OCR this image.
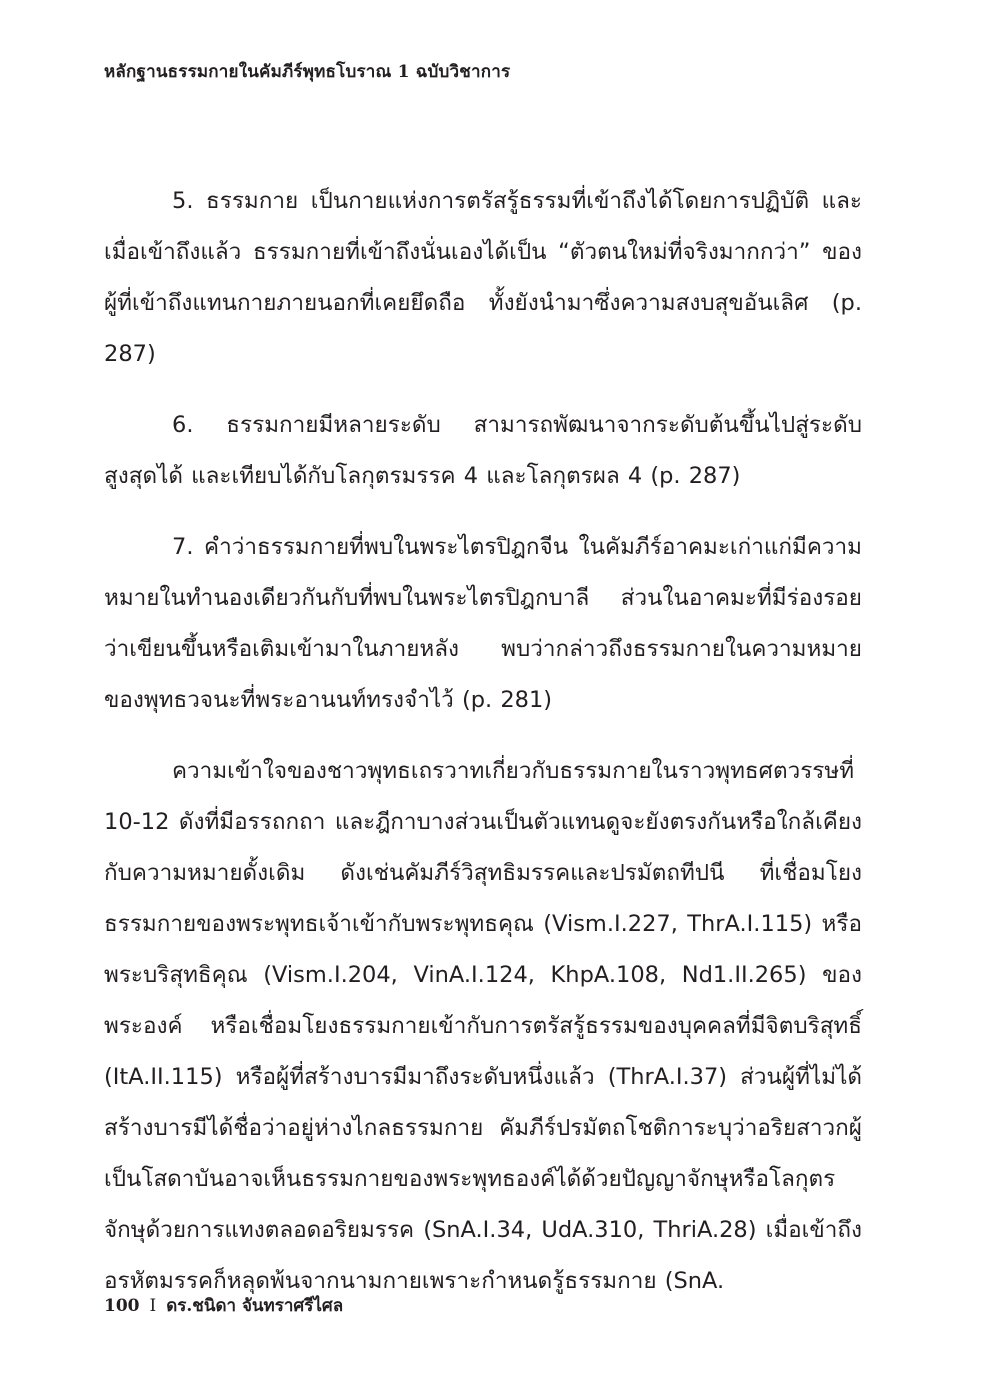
หลักฐานธรรมกายในคัมภีร์พุทธโบราณ 1 ฉบับวิชาการ

5. ธรรมกาย เป็นกายแห่งการตรัสรู้ธรรมที่เข้าถึงได้โดยการปฏิบัติ และเมื่อเข้าถึงแล้ว ธรรมกายที่เข้าถึงนั่นเองได้เป็น “ตัวตนใหม่ที่จริงมากกว่า” ของผู้ที่เข้าถึงแทนกายภายนอกที่เคยยึดถือ ทั้งยังนำมาซึ่งความสงบสุขอันเลิศ (p. 287)

6. ธรรมกายมีหลายระดับ สามารถพัฒนาจากระดับต้นขึ้นไปสู่ระดับสูงสุดได้ และเทียบได้กับโลกุตรมรรค 4 และโลกุตรผล 4 (p. 287)

7. คำว่าธรรมกายที่พบในพระไตรปิฎกจีน ในคัมภีร์อาคมะเก่าแก่มีความหมายในทำนองเดียวกันกับที่พบในพระไตรปิฎกบาลี ส่วนในอาคมะที่มีร่องรอยว่าเขียนขึ้นหรือเติมเข้ามาในภายหลัง พบว่ากล่าวถึงธรรมกายในความหมายของพุทธวจนะที่พระอานนท์ทรงจำไว้ (p. 281)

ความเข้าใจของชาวพุทธเถรวาทเกี่ยวกับธรรมกายในราวพุทธศตวรรษที่ 10-12 ดังที่มีอรรถกถา และฎีกาบางส่วนเป็นตัวแทนดูจะยังตรงกันหรือใกล้เคียงกับความหมายดั้งเดิม ดังเช่นคัมภีร์วิสุทธิมรรคและปรมัตถทีปนี ที่เชื่อมโยงธรรมกายของพระพุทธเจ้าเข้ากับพระพุทธคุณ (Vism.I.227, ThrA.I.115) หรือพระบริสุทธิคุณ (Vism.I.204, VinA.I.124, KhpA.108, Nd1.II.265) ของพระองค์ หรือเชื่อมโยงธรรมกายเข้ากับการตรัสรู้ธรรมของบุคคลที่มีจิตบริสุทธิ์ (ItA.II.115) หรือผู้ที่สร้างบารมีมาถึงระดับหนึ่งแล้ว (ThrA.I.37) ส่วนผู้ที่ไม่ได้สร้างบารมีได้ชื่อว่าอยู่ห่างไกลธรรมกาย คัมภีร์ปรมัตถโชติการะบุว่าอริยสาวกผู้เป็นโสดาบันอาจเห็นธรรมกายของพระพุทธองค์ได้ด้วยปัญญาจักษุหรือโลกุตรจักษุด้วยการแทงตลอดอริยมรรค (SnA.I.34, UdA.310, ThriA.28) เมื่อเข้าถึงอรหัตมรรคก็หลุดพ้นจากนามกายเพราะกำหนดรู้ธรรมกาย (SnA.

100 I ดร.ชนิดา จันทราศรีไศล
